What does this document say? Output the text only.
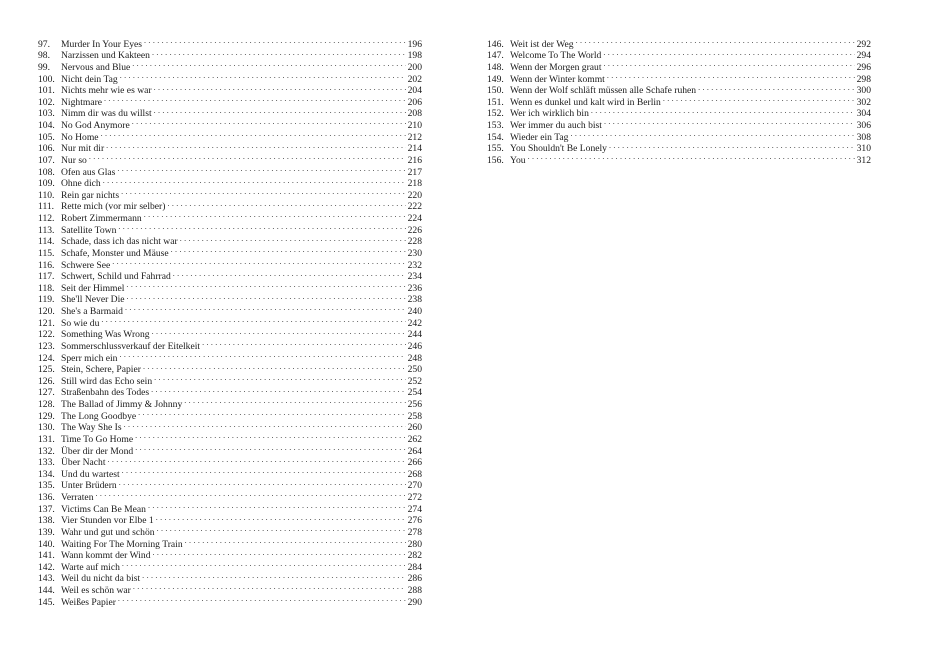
97.	Murder In Your Eyes . . .	196
98.	Narzissen und Kakteen . . .	198
99.	Nervous and Blue . . .	200
100. Nicht dein Tag . . .	202
101. Nichts mehr wie es war . . .	204
102. Nightmare . . .	206
103. Nimm dir was du willst . . .	208
104. No God Anymore . . .	210
105. No Home . . .	212
106. Nur mit dir . . .	214
107. Nur so . . .	216
108. Ofen aus Glas . . .	217
109. Ohne dich . . .	218
110. Rein gar nichts . . .	220
111. Rette mich (vor mir selber) . . .	222
112. Robert Zimmermann . . .	224
113. Satellite Town . . .	226
114. Schade, dass ich das nicht war . . .	228
115. Schafe, Monster und Mäuse . . .	230
116. Schwere See . . .	232
117. Schwert, Schild und Fahrrad . . .	234
118. Seit der Himmel . . .	236
119. She'll Never Die . . .	238
120. She's a Barmaid . . .	240
121. So wie du . . .	242
122. Something Was Wrong . . .	244
123. Sommerschlussverkauf der Eitelkeit . . .	246
124. Sperr mich ein . . .	248
125. Stein, Schere, Papier . . .	250
126. Still wird das Echo sein . . .	252
127. Straßenbahn des Todes . . .	254
128. The Ballad of Jimmy & Johnny . . .	256
129. The Long Goodbye . . .	258
130. The Way She Is . . .	260
131. Time To Go Home . . .	262
132. Über dir der Mond . . .	264
133. Über Nacht . . .	266
134. Und du wartest . . .	268
135. Unter Brüdern . . .	270
136. Verraten . . .	272
137. Victims Can Be Mean . . .	274
138. Vier Stunden vor Elbe 1 . . .	276
139. Wahr und gut und schön . . .	278
140. Waiting For The Morning Train . . .	280
141. Wann kommt der Wind . . .	282
142. Warte auf mich . . .	284
143. Weil du nicht da bist . . .	286
144. Weil es schön war . . .	288
145. Weißes Papier . . .	290
146. Weit ist der Weg . . .	292
147. Welcome To The World . . .	294
148. Wenn der Morgen graut . . .	296
149. Wenn der Winter kommt . . .	298
150. Wenn der Wolf schläft müssen alle Schafe ruhen . . .	300
151. Wenn es dunkel und kalt wird in Berlin . . .	302
152. Wer ich wirklich bin . . .	304
153. Wer immer du auch bist . . .	306
154. Wieder ein Tag . . .	308
155. You Shouldn't Be Lonely . . .	310
156. You . . .	312
